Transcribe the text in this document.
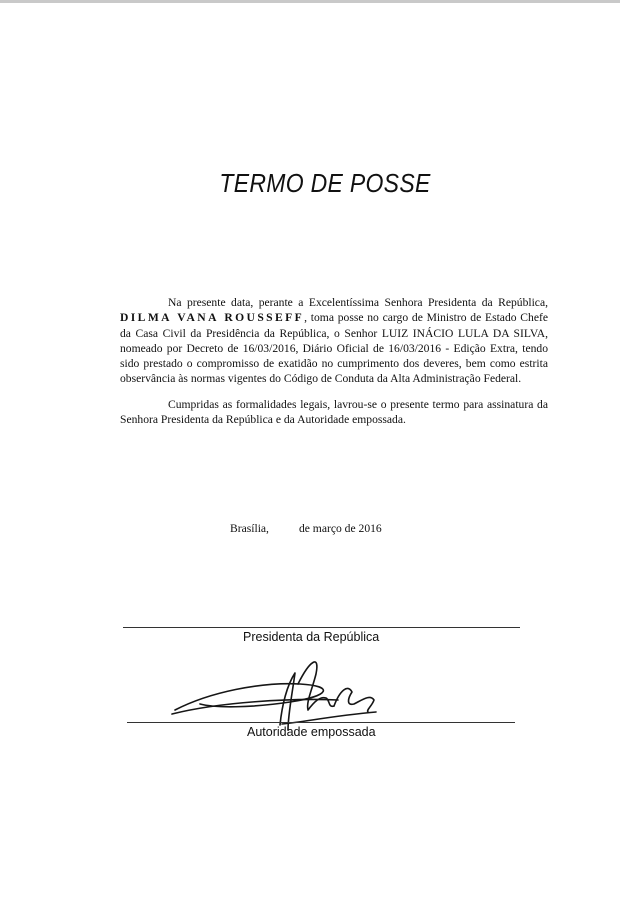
TERMO DE POSSE

Na presente data, perante a Excelentíssima Senhora Presidenta da República, DILMA VANA ROUSSEFF, toma posse no cargo de Ministro de Estado Chefe da Casa Civil da Presidência da República, o Senhor LUIZ INÁCIO LULA DA SILVA, nomeado por Decreto de 16/03/2016, Diário Oficial de 16/03/2016 - Edição Extra, tendo sido prestado o compromisso de exatidão no cumprimento dos deveres, bem como estrita observância às normas vigentes do Código de Conduta da Alta Administração Federal.

Cumpridas as formalidades legais, lavrou-se o presente termo para assinatura da Senhora Presidenta da República e da Autoridade empossada.

Brasília,	de março de 2016
Presidenta da República
Autoridade empossada
